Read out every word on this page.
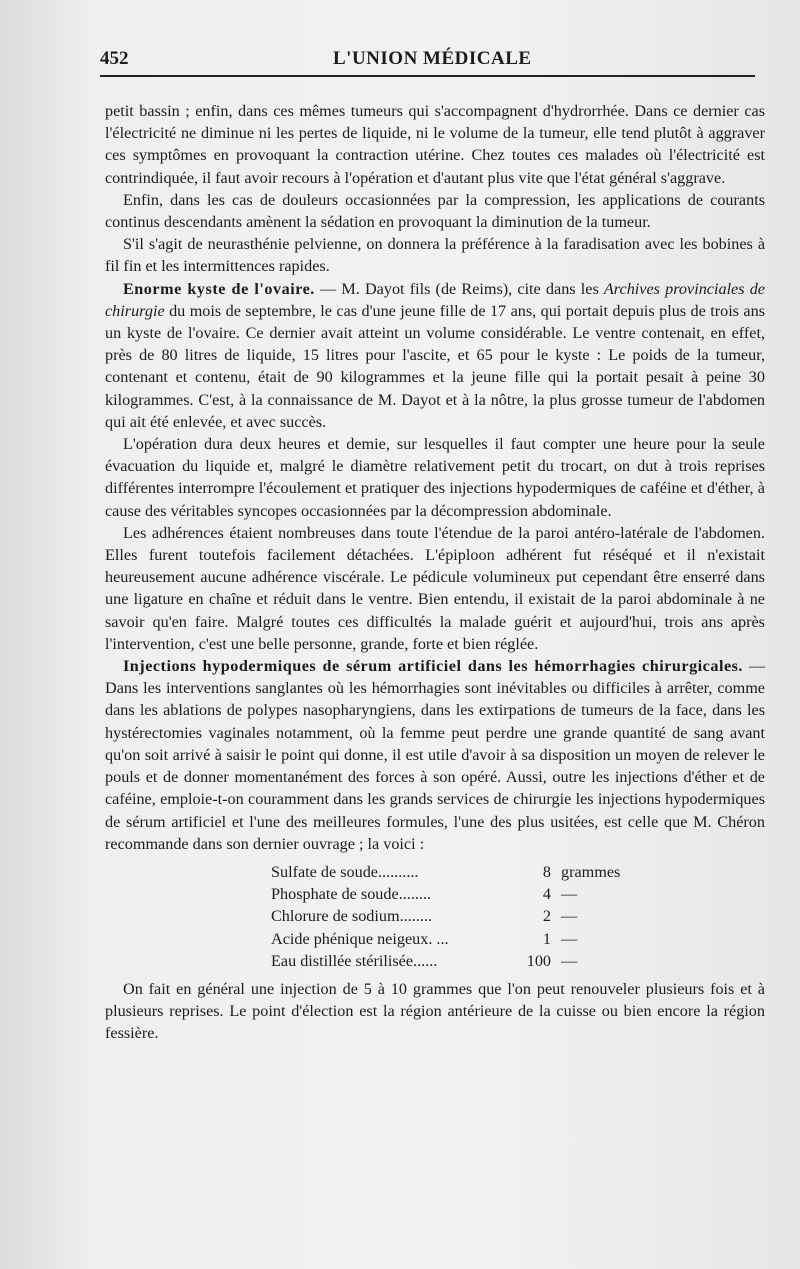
452	L'UNION MÉDICALE

petit bassin ; enfin, dans ces mêmes tumeurs qui s'accompagnent d'hydrorrhée. Dans ce dernier cas l'électricité ne diminue ni les pertes de liquide, ni le volume de la tumeur, elle tend plutôt à aggraver ces symptômes en provoquant la contraction utérine. Chez toutes ces malades où l'électricité est contrindiquée, il faut avoir recours à l'opération et d'autant plus vite que l'état général s'aggrave.

Enfin, dans les cas de douleurs occasionnées par la compression, les applications de courants continus descendants amènent la sédation en provoquant la diminution de la tumeur.

S'il s'agit de neurasthénie pelvienne, on donnera la préférence à la faradisation avec les bobines à fil fin et les intermittences rapides.

Enorme kyste de l'ovaire. — M. Dayot fils (de Reims), cite dans les Archives provinciales de chirurgie du mois de septembre, le cas d'une jeune fille de 17 ans, qui portait depuis plus de trois ans un kyste de l'ovaire. Ce dernier avait atteint un volume considérable. Le ventre contenait, en effet, près de 80 litres de liquide, 15 litres pour l'ascite, et 65 pour le kyste : Le poids de la tumeur, contenant et contenu, était de 90 kilogrammes et la jeune fille qui la portait pesait à peine 30 kilogrammes. C'est, à la connaissance de M. Dayot et à la nôtre, la plus grosse tumeur de l'abdomen qui ait été enlevée, et avec succès.

L'opération dura deux heures et demie, sur lesquelles il faut compter une heure pour la seule évacuation du liquide et, malgré le diamètre relativement petit du trocart, on dut à trois reprises différentes interrompre l'écoulement et pratiquer des injections hypodermiques de caféine et d'éther, à cause des véritables syncopes occasionnées par la décompression abdominale.

Les adhérences étaient nombreuses dans toute l'étendue de la paroi antéro-latérale de l'abdomen. Elles furent toutefois facilement détachées. L'épiploon adhérent fut réséqué et il n'existait heureusement aucune adhérence viscérale. Le pédicule volumineux put cependant être enserré dans une ligature en chaîne et réduit dans le ventre. Bien entendu, il existait de la paroi abdominale à ne savoir qu'en faire. Malgré toutes ces difficultés la malade guérit et aujourd'hui, trois ans après l'intervention, c'est une belle personne, grande, forte et bien réglée.

Injections hypodermiques de sérum artificiel dans les hémorrhagies chirurgicales. — Dans les interventions sanglantes où les hémorrhagies sont inévitables ou difficiles à arrêter, comme dans les ablations de polypes nasopharyngiens, dans les extirpations de tumeurs de la face, dans les hystérectomies vaginales notamment, où la femme peut perdre une grande quantité de sang avant qu'on soit arrivé à saisir le point qui donne, il est utile d'avoir à sa disposition un moyen de relever le pouls et de donner momentanément des forces à son opéré. Aussi, outre les injections d'éther et de caféine, emploie-t-on couramment dans les grands services de chirurgie les injections hypodermiques de sérum artificiel et l'une des meilleures formules, l'une des plus usitées, est celle que M. Chéron recommande dans son dernier ouvrage ; la voici :

Sulfate de soude..........	8	grammes
Phosphate de soude........	4	—
Chlorure de sodium........	2	—
Acide phénique neigeux. ...	1	—
Eau distillée stérilisée......	100	—

On fait en général une injection de 5 à 10 grammes que l'on peut renouveler plusieurs fois et à plusieurs reprises. Le point d'élection est la région antérieure de la cuisse ou bien encore la région fessière.
